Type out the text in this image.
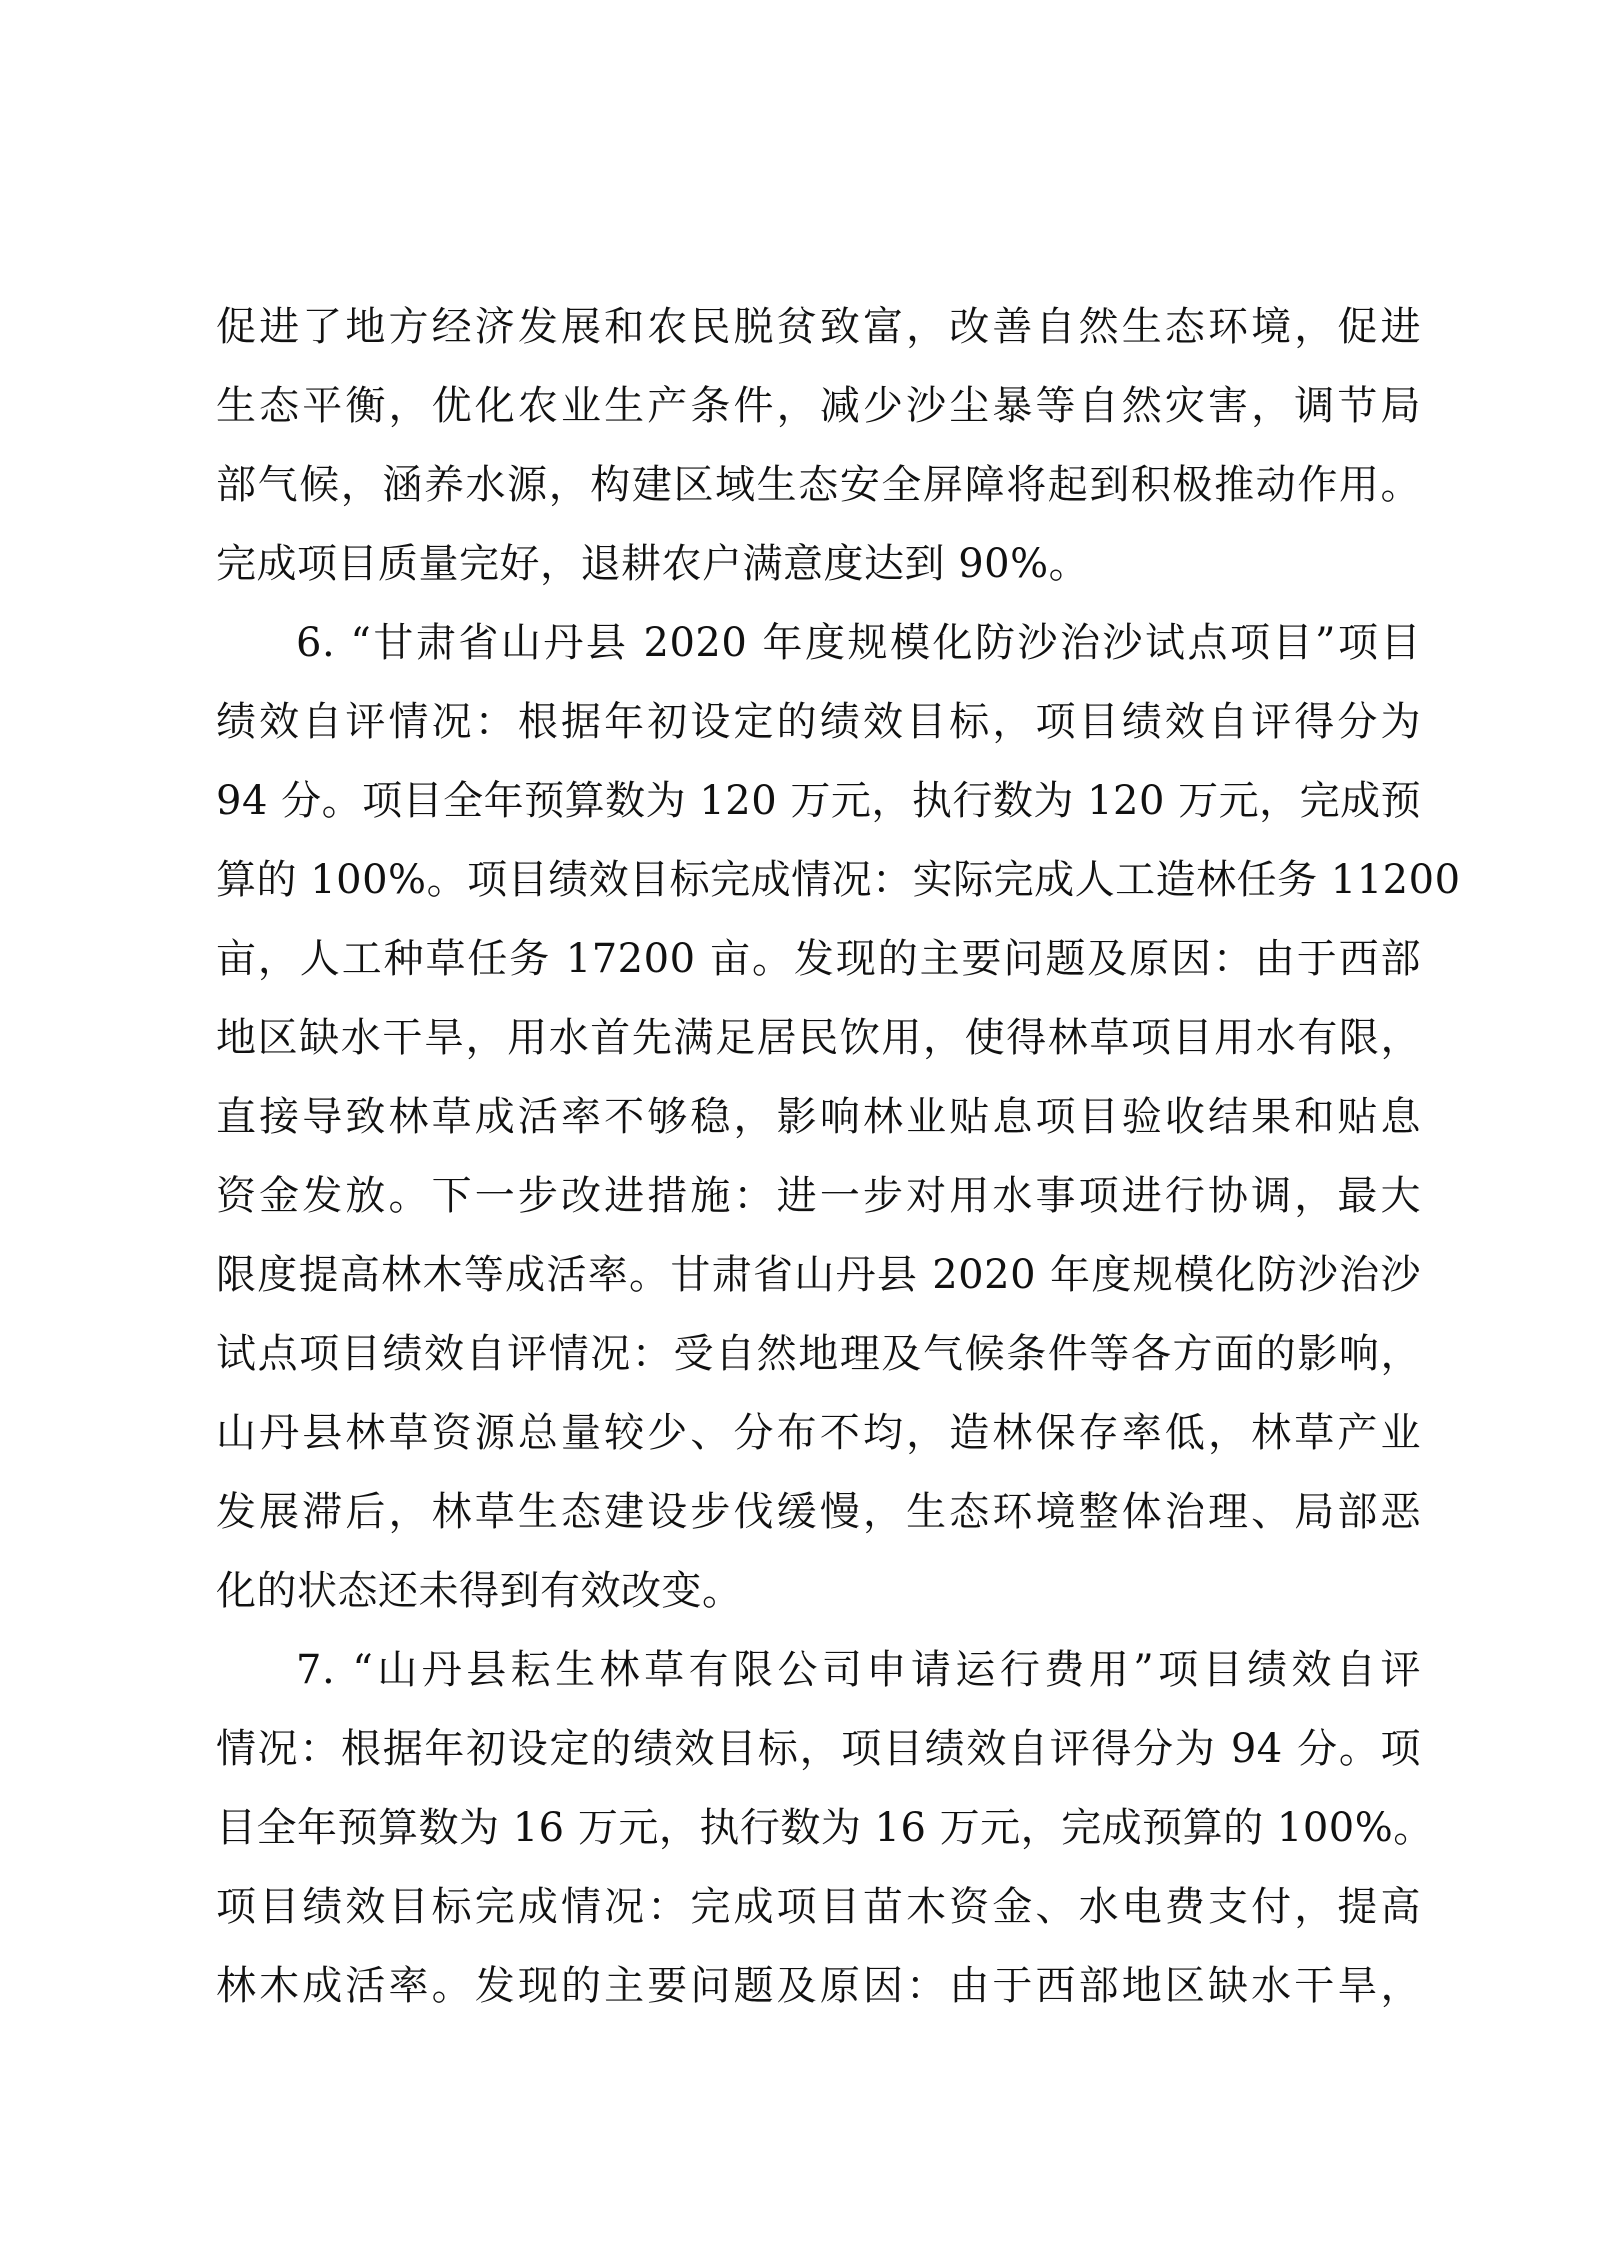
促进了地方经济发展和农民脱贫致富，改善自然生态环境，促进
生态平衡，优化农业生产条件，减少沙尘暴等自然灾害，调节局
部气候，涵养水源，构建区域生态安全屏障将起到积极推动作用。
完成项目质量完好，退耕农户满意度达到 90%。
6. “甘肃省山丹县 2020 年度规模化防沙治沙试点项目”项目
绩效自评情况：根据年初设定的绩效目标，项目绩效自评得分为
94 分。项目全年预算数为 120 万元，执行数为 120 万元，完成预
算的 100%。项目绩效目标完成情况：实际完成人工造林任务 11200
亩，人工种草任务 17200 亩。发现的主要问题及原因：由于西部
地区缺水干旱，用水首先满足居民饮用，使得林草项目用水有限，
直接导致林草成活率不够稳，影响林业贴息项目验收结果和贴息
资金发放。下一步改进措施：进一步对用水事项进行协调，最大
限度提高林木等成活率。甘肃省山丹县 2020 年度规模化防沙治沙
试点项目绩效自评情况：受自然地理及气候条件等各方面的影响，
山丹县林草资源总量较少、分布不均，造林保存率低，林草产业
发展滞后，林草生态建设步伐缓慢，生态环境整体治理、局部恶
化的状态还未得到有效改变。
7. “山丹县耘生林草有限公司申请运行费用”项目绩效自评
情况：根据年初设定的绩效目标，项目绩效自评得分为 94 分。项
目全年预算数为 16 万元，执行数为 16 万元，完成预算的 100%。
项目绩效目标完成情况：完成项目苗木资金、水电费支付，提高
林木成活率。发现的主要问题及原因：由于西部地区缺水干旱，
